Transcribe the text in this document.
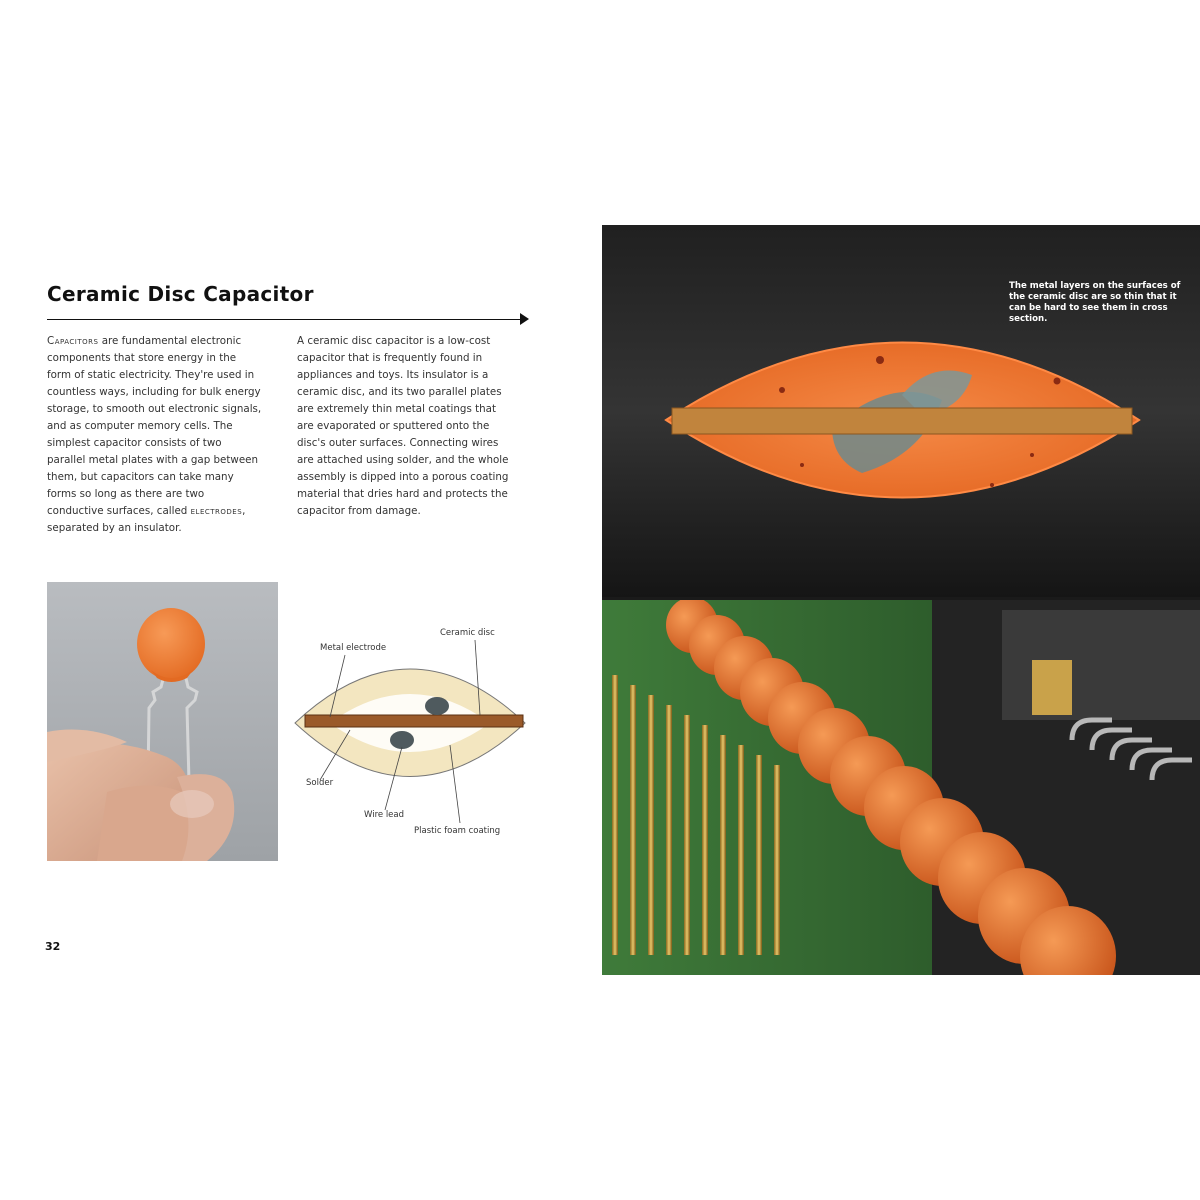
Ceramic Disc Capacitor

Capacitors are fundamental electronic components that store energy in the form of static electricity. They're used in countless ways, including for bulk energy storage, to smooth out electronic signals, and as computer memory cells. The simplest capacitor consists of two parallel metal plates with a gap between them, but capacitors can take many forms so long as there are two conductive surfaces, called electrodes, separated by an insulator.

A ceramic disc capacitor is a low-cost capacitor that is frequently found in appliances and toys. Its insulator is a ceramic disc, and its two parallel plates are extremely thin metal coatings that are evaporated or sputtered onto the disc's outer surfaces. Connecting wires are attached using solder, and the whole assembly is dipped into a porous coating material that dries hard and protects the capacitor from damage.

Metal electrode
Ceramic disc
Solder
Wire lead
Plastic foam coating
32

The metal layers on the surfaces of the ceramic disc are so thin that it can be hard to see them in cross section.
